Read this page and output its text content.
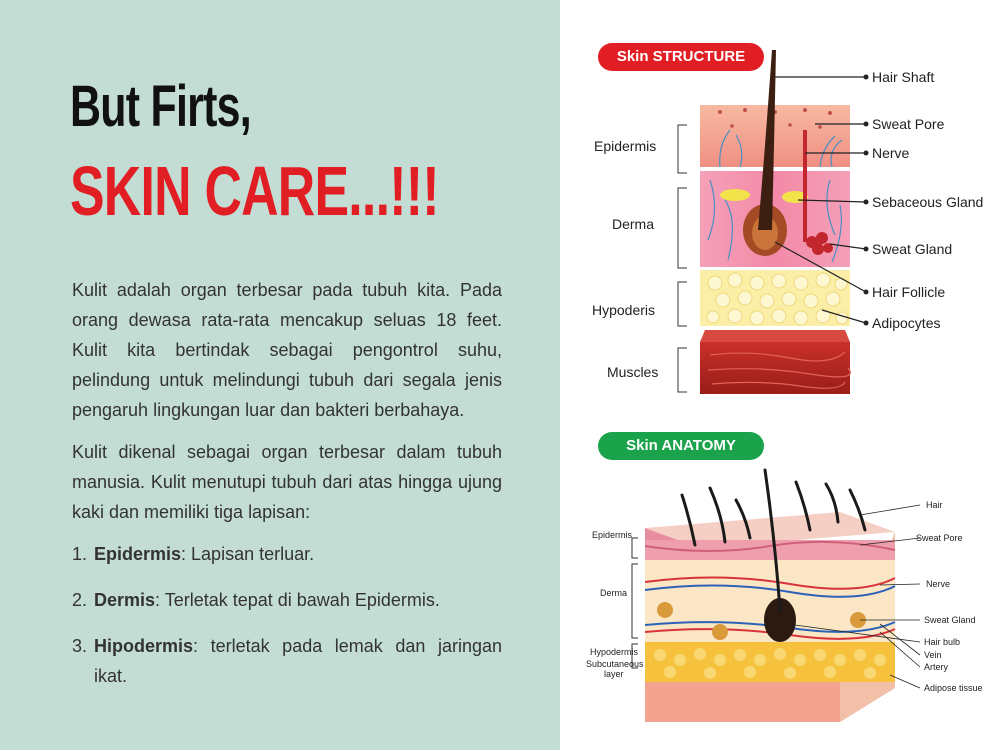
But Firts,
SKIN CARE...!!!

Kulit adalah organ terbesar pada tubuh kita. Pada orang dewasa rata-rata mencakup seluas 18 feet. Kulit kita bertindak sebagai pengontrol suhu, pelindung untuk melindungi tubuh dari segala jenis pengaruh lingkungan luar dan bakteri berbahaya.

Kulit dikenal sebagai organ terbesar dalam tubuh manusia. Kulit menutupi tubuh dari atas hingga ujung kaki dan memiliki tiga lapisan:

1. Epidermis: Lapisan terluar.
2. Dermis: Terletak tepat di bawah Epidermis.
3. Hipodermis: terletak pada lemak dan jaringan ikat.
Skin STRUCTURE
Skin ANATOMY
Epidermis
Derma
Hypoderis
Muscles
Hair Shaft
Sweat Pore
Nerve
Sebaceous Gland
Sweat Gland
Hair Follicle
Adipocytes
Epidermis
Derma
Hypodermis
Subcutaneous
layer
Hair
Sweat Pore
Nerve
Sweat Gland
Hair bulb
Vein
Artery
Adipose tissue
